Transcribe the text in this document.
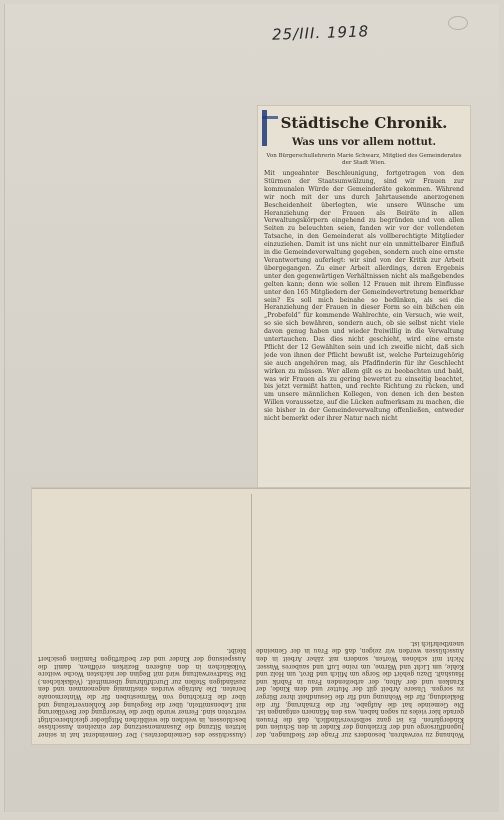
25/III. 1918
Städtische Chronik.
Was uns vor allem nottut.
Von Bürgerschullehrerin Marie Schwarz, Mitglied des Gemeinderates der Stadt Wien.
Mit ungeahnter Beschleunigung, fortgetragen von den Stürmen der Staatsumwälzung, sind wir Frauen zur kommunalen Würde der Gemeinderäte gekommen. Während wir noch mit der uns durch Jahrtausende anerzogenen Bescheidenheit überlegten, wie unsere Wünsche um Heranziehung der Frauen als Beiräte in allen Verwaltungskörpern eingehend zu begründen und von allen Seiten zu beleuchten seien, fanden wir vor der vollendeten Tatsache, in den Gemeinderat als vollberechtigte Mitglieder einzuziehen. Damit ist uns nicht nur ein unmittelbarer Einfluß in die Gemeindeverwaltung gegeben, sondern auch eine ernste Verantwortung auferlegt: wir sind von der Kritik zur Arbeit übergegangen. Zu einer Arbeit allerdings, deren Ergebnis unter den gegenwärtigen Verhältnissen nicht als maßgebendes gelten kann; denn wie sollen 12 Frauen mit ihrem Einflusse unter den 165 Mitgliedern der Gemeindevertretung bemerkbar sein? Es soll mich beinahe so bedünken, als sei die Heranziehung der Frauen in dieser Form so ein bißchen ein „Probefeld“ für kommende Wahlrechte, ein Versuch, wie weit, so sie sich bewähren, sondern auch, ob sie selbst nicht viele davon genug haben und wieder freiwillig in die Verwaltung untertauchen. Das dies nicht geschieht, wird eine ernste Pflicht der 12 Gewählten sein und ich zweifle nicht, daß sich jede von ihnen der Pflicht bewußt ist, welche Parteizugehörig sie auch angehören mag, als Pfadfinderin für ihr Geschlecht wirken zu müssen. Wer allem gilt es zu beobachten und bald, was wir Frauen als zu gering bewertet zu einseitig beachtet, bis jetzt vermißt hatten, und rechte Richtung zu rücken, und um unsere männlichen Kollegen, von denen ich den besten Willen voraussetze, auf die Lücken aufmerksam zu machen, die sie bisher in der Gemeindeverwaltung offenließen, entweder nicht bemerkt oder ihrer Natur nach nicht
Wohnung zu verwahren, besonders zur Frage der Siedlungen, der Jugendfürsorge und der Erziehung der Kinder in den Schulen und Kindergärten. Es ist ganz selbstverständlich, daß die Frauen gerade hier vieles zu sagen haben, was den Männern entgangen ist. Die Gemeinde hat die Aufgabe, für die Ernährung, für die Bekleidung, für die Wohnung und für die Gesundheit ihrer Bürger zu sorgen. Unsere Arbeit gilt der Mutter und dem Kinde, der Kranken und der Alten, der arbeitenden Frau in Fabrik und Haushalt. Dazu gehört die Sorge um Milch und Brot, um Holz und Kohle, um Licht und Wärme, um reine Luft und sauberes Wasser. Nicht mit schönen Worten, sondern mit zäher Arbeit in den Ausschüssen werden wir zeigen, daß die Frau in der Gemeinde unentbehrlich ist.
(Ausschüsse des Gemeinderates.) Der Gemeinderat hat in seiner letzten Sitzung die Zusammensetzung der einzelnen Ausschüsse beschlossen, in welchen die weiblichen Mitglieder gleichberechtigt vertreten sind. Ferner wurde über die Versorgung der Bevölkerung mit Lebensmitteln, über die Regelung der Kohlenverteilung und über die Errichtung von Wärmestuben für die Wintermonate beraten. Die Anträge wurden einstimmig angenommen und den zuständigen Stellen zur Durchführung übermittelt. (Volksküchen.) Die Stadtverwaltung wird mit Beginn der nächsten Woche weitere Volksküchen in den äußeren Bezirken eröffnen, damit die Ausspeisung der Kinder und der bedürftigen Familien gesichert bleibt.
